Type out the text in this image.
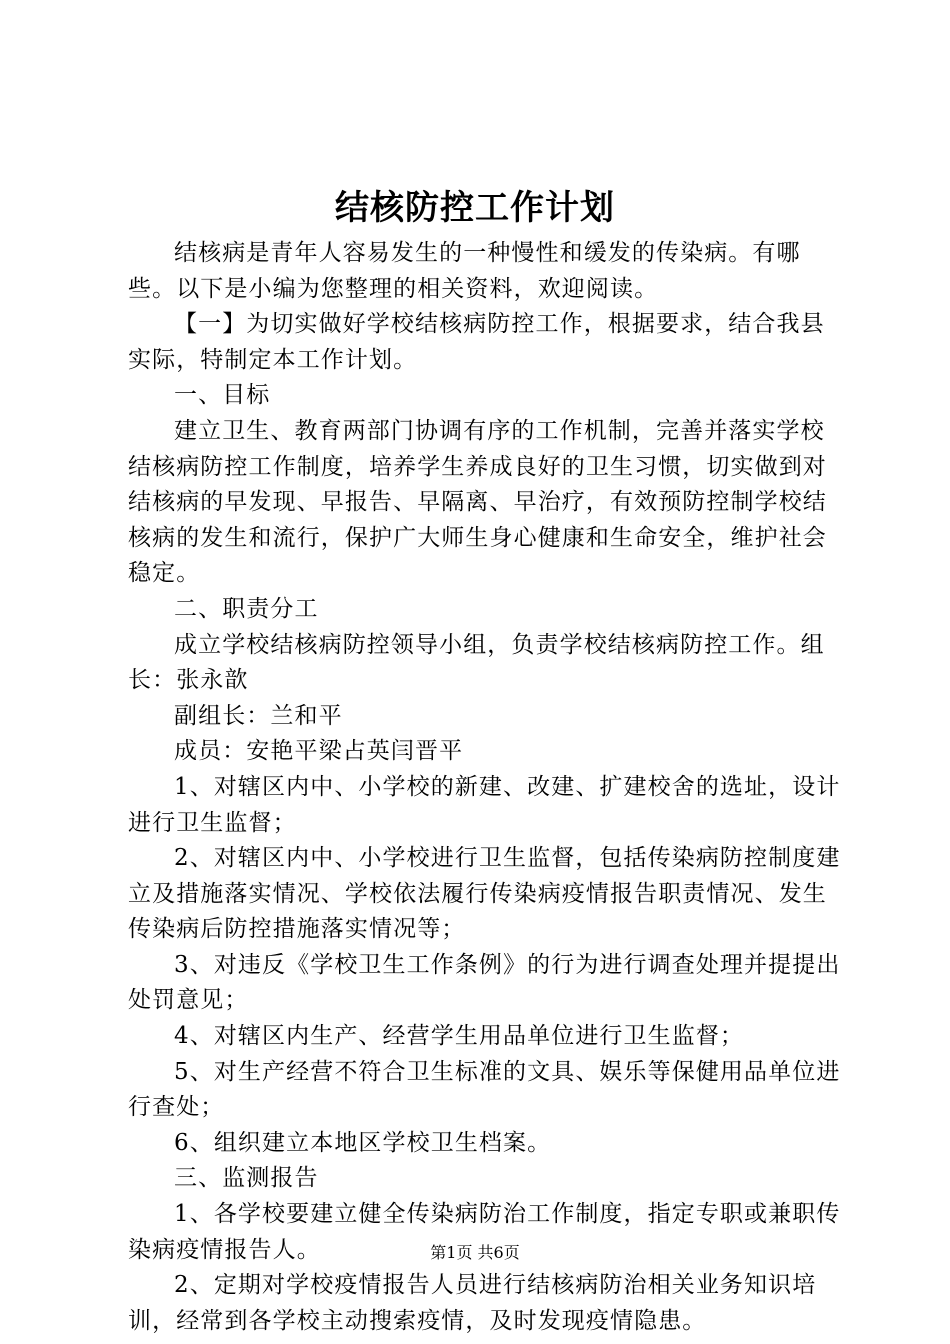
结核防控工作计划

结核病是青年人容易发生的一种慢性和缓发的传染病。有哪些。以下是小编为您整理的相关资料，欢迎阅读。

【一】为切实做好学校结核病防控工作，根据要求，结合我县实际，特制定本工作计划。

一、目标

建立卫生、教育两部门协调有序的工作机制，完善并落实学校结核病防控工作制度，培养学生养成良好的卫生习惯，切实做到对结核病的早发现、早报告、早隔离、早治疗，有效预防控制学校结核病的发生和流行，保护广大师生身心健康和生命安全，维护社会稳定。

二、职责分工

成立学校结核病防控领导小组，负责学校结核病防控工作。组长：张永歆

副组长：兰和平

成员：安艳平梁占英闫晋平

1、对辖区内中、小学校的新建、改建、扩建校舍的选址，设计进行卫生监督；

2、对辖区内中、小学校进行卫生监督，包括传染病防控制度建立及措施落实情况、学校依法履行传染病疫情报告职责情况、发生传染病后防控措施落实情况等；

3、对违反《学校卫生工作条例》的行为进行调查处理并提提出处罚意见；

4、对辖区内生产、经营学生用品单位进行卫生监督；

5、对生产经营不符合卫生标准的文具、娱乐等保健用品单位进行查处；

6、组织建立本地区学校卫生档案。

三、监测报告

1、各学校要建立健全传染病防治工作制度，指定专职或兼职传染病疫情报告人。

2、定期对学校疫情报告人员进行结核病防治相关业务知识培训，经常到各学校主动搜索疫情，及时发现疫情隐患。

第1页 共6页
